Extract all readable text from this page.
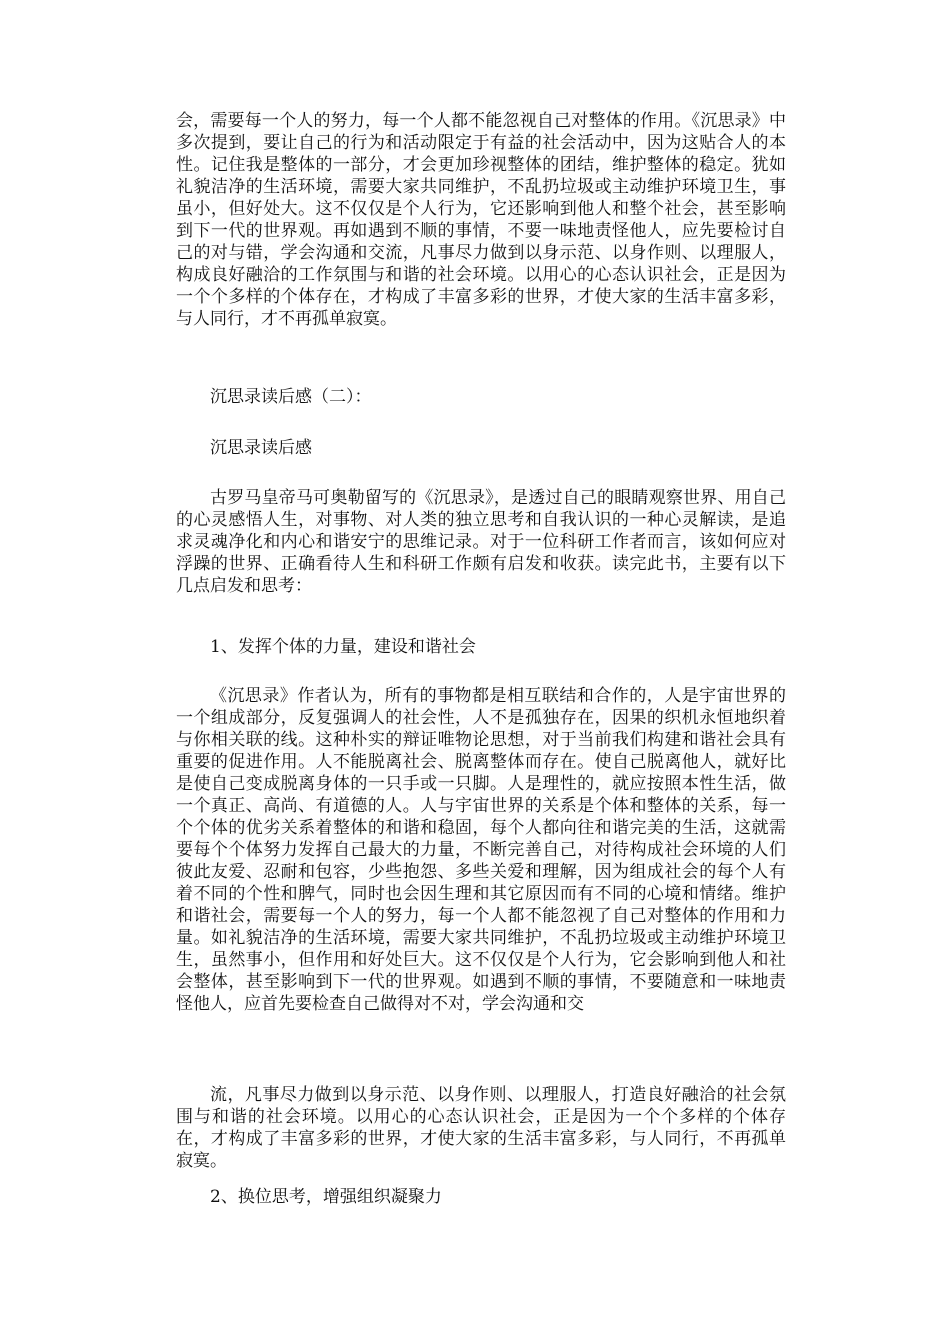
会，需要每一个人的努力，每一个人都不能忽视自己对整体的作用。《沉思录》中多次提到，要让自己的行为和活动限定于有益的社会活动中，因为这贴合人的本性。记住我是整体的一部分，才会更加珍视整体的团结，维护整体的稳定。犹如礼貌洁净的生活环境，需要大家共同维护，不乱扔垃圾或主动维护环境卫生，事虽小，但好处大。这不仅仅是个人行为，它还影响到他人和整个社会，甚至影响到下一代的世界观。再如遇到不顺的事情，不要一味地责怪他人，应先要检讨自己的对与错，学会沟通和交流，凡事尽力做到以身示范、以身作则、以理服人，构成良好融洽的工作氛围与和谐的社会环境。以用心的心态认识社会，正是因为一个个多样的个体存在，才构成了丰富多彩的世界，才使大家的生活丰富多彩，与人同行，才不再孤单寂寞。
沉思录读后感（二）：
沉思录读后感
古罗马皇帝马可奥勒留写的《沉思录》，是透过自己的眼睛观察世界、用自己的心灵感悟人生，对事物、对人类的独立思考和自我认识的一种心灵解读，是追求灵魂净化和内心和谐安宁的思维记录。对于一位科研工作者而言，该如何应对浮躁的世界、正确看待人生和科研工作颇有启发和收获。读完此书，主要有以下几点启发和思考：
1、发挥个体的力量，建设和谐社会
《沉思录》作者认为，所有的事物都是相互联结和合作的，人是宇宙世界的一个组成部分，反复强调人的社会性，人不是孤独存在，因果的织机永恒地织着与你相关联的线。这种朴实的辩证唯物论思想，对于当前我们构建和谐社会具有重要的促进作用。人不能脱离社会、脱离整体而存在。使自己脱离他人，就好比是使自己变成脱离身体的一只手或一只脚。人是理性的，就应按照本性生活，做一个真正、高尚、有道德的人。人与宇宙世界的关系是个体和整体的关系，每一个个体的优劣关系着整体的和谐和稳固，每个人都向往和谐完美的生活，这就需要每个个体努力发挥自己最大的力量，不断完善自己，对待构成社会环境的人们彼此友爱、忍耐和包容，少些抱怨、多些关爱和理解，因为组成社会的每个人有着不同的个性和脾气，同时也会因生理和其它原因而有不同的心境和情绪。维护和谐社会，需要每一个人的努力，每一个人都不能忽视了自己对整体的作用和力量。如礼貌洁净的生活环境，需要大家共同维护，不乱扔垃圾或主动维护环境卫生，虽然事小，但作用和好处巨大。这不仅仅是个人行为，它会影响到他人和社会整体，甚至影响到下一代的世界观。如遇到不顺的事情，不要随意和一味地责怪他人，应首先要检查自己做得对不对，学会沟通和交
流，凡事尽力做到以身示范、以身作则、以理服人，打造良好融洽的社会氛围与和谐的社会环境。以用心的心态认识社会，正是因为一个个多样的个体存在，才构成了丰富多彩的世界，才使大家的生活丰富多彩，与人同行，不再孤单寂寞。
2、换位思考，增强组织凝聚力
